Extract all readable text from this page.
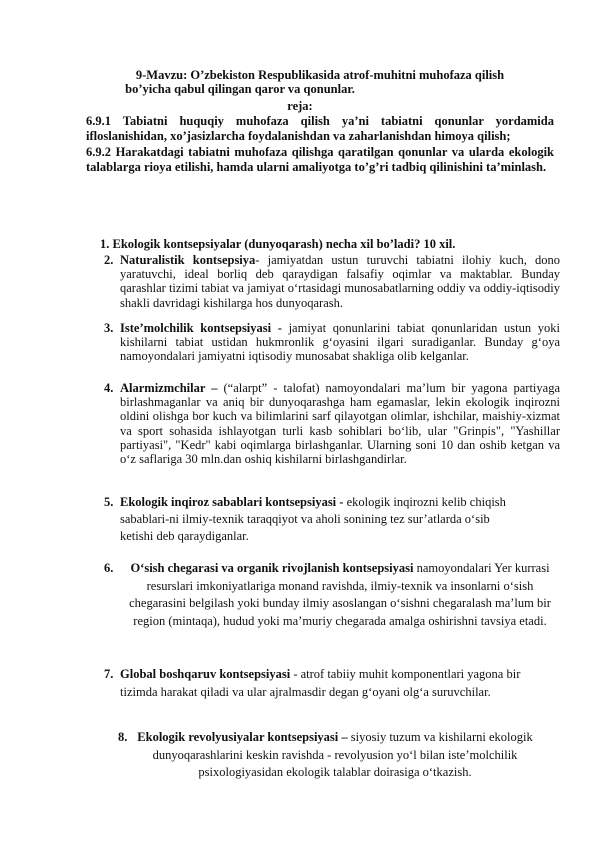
9-Mavzu: O’zbekiston Respublikasida atrof-muhitni muhofaza qilish
bo’yicha qabul qilingan qaror va qonunlar.
reja:

6.9.1 Tabiatni huquqiy muhofaza qilish ya’ni tabiatni qonunlar yordamida ifloslanishidan, xo’jasizlarcha foydalanishdan va zaharlanishdan himoya qilish;

6.9.2 Harakatdagi tabiatni muhofaza qilishga qaratilgan qonunlar va ularda ekologik talablarga rioya etilishi, hamda ularni amaliyotga to’g’ri tadbiq qilinishini ta’minlash.

1. Ekologik kontsepsiyalar (dunyoqarash) necha xil bo’ladi? 10 xil.
2. Naturalistik kontsepsiya- jamiyatdan ustun turuvchi tabiatni ilohiy kuch, dono yaratuvchi, ideal borliq deb qaraydigan falsafiy oqimlar va maktablar. Bunday qarashlar tizimi tabiat va jamiyat o‘rtasidagi munosabatlarning oddiy va oddiy-iqtisodiy shakli davridagi kishilarga hos dunyoqarash.
3. Iste’molchilik kontsepsiyasi - jamiyat qonunlarini tabiat qonunlaridan ustun yoki kishilarni tabiat ustidan hukmronlik g‘oyasini ilgari suradiganlar. Bunday g‘oya namoyondalari jamiyatni iqtisodiy munosabat shakliga olib kelganlar.
4. Alarmizmchilar – (“alarpt” - talofat) namoyondalari ma’lum bir yagona partiyaga birlashmaganlar va aniq bir dunyoqarashga ham egamaslar, lekin ekologik inqirozni oldini olishga bor kuch va bilimlarini sarf qilayotgan olimlar, ishchilar, maishiy-xizmat va sport sohasida ishlayotgan turli kasb sohiblari bo‘lib, ular "Grinpis", "Yashillar partiyasi", "Kedr" kabi oqimlarga birlashganlar. Ularning soni 10 dan oshib ketgan va o‘z saflariga 30 mln.dan oshiq kishilarni birlashgandirlar.
5. Ekologik inqiroz sabablari kontsepsiyasi - ekologik inqirozni kelib chiqish sabablari-ni ilmiy-texnik taraqqiyot va aholi sonining tez sur’atlarda o‘sib ketishi deb qaraydiganlar.
6.	O‘sish chegarasi va organik rivojlanish kontsepsiyasi namoyondalari Yer kurrasi resurslari imkoniyatlariga monand ravishda, ilmiy-texnik va insonlarni o‘sish chegarasini belgilash yoki bunday ilmiy asoslangan o‘sishni chegaralash ma’lum bir region (mintaqa), hudud yoki ma’muriy chegarada amalga oshirishni tavsiya etadi.
7. Global boshqaruv kontsepsiyasi - atrof tabiiy muhit komponentlari yagona bir tizimda harakat qiladi va ular ajralmasdir degan g‘oyani olg‘a suruvchilar.
8. Ekologik revolyusiyalar kontsepsiyasi – siyosiy tuzum va kishilarni ekologik dunyoqarashlarini keskin ravishda - revolyusion yo‘l bilan iste’molchilik psixologiyasidan ekologik talablar doirasiga o‘tkazish.
